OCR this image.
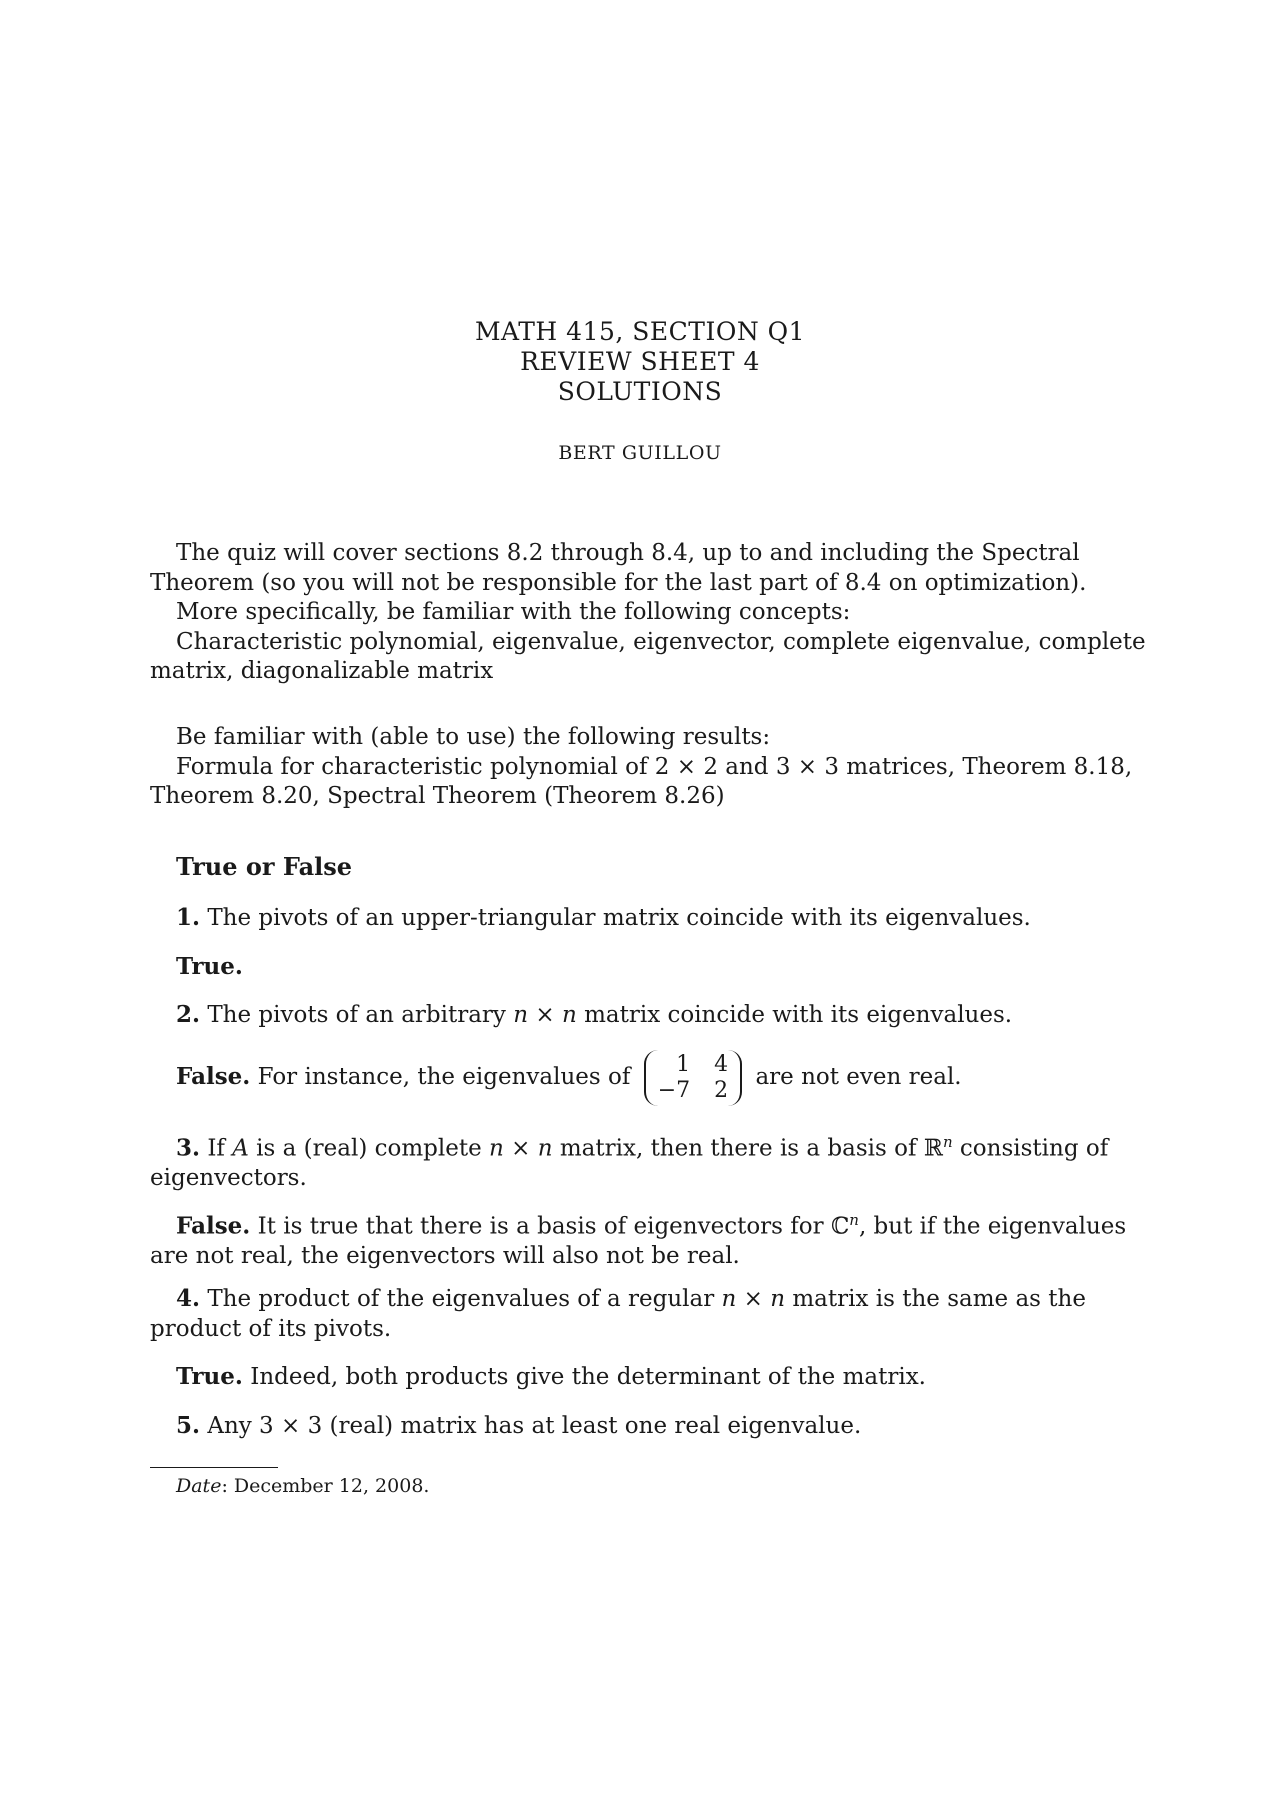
MATH 415, SECTION Q1
REVIEW SHEET 4
SOLUTIONS
BERT GUILLOU

The quiz will cover sections 8.2 through 8.4, up to and including the Spectral Theorem (so you will not be responsible for the last part of 8.4 on optimization).

More specifically, be familiar with the following concepts:

Characteristic polynomial, eigenvalue, eigenvector, complete eigenvalue, complete matrix, diagonalizable matrix

Be familiar with (able to use) the following results:

Formula for characteristic polynomial of 2 × 2 and 3 × 3 matrices, Theorem 8.18, Theorem 8.20, Spectral Theorem (Theorem 8.26)

True or False

1. The pivots of an upper-triangular matrix coincide with its eigenvalues.

True.

2. The pivots of an arbitrary n × n matrix coincide with its eigenvalues.

False. For instance, the eigenvalues of	1 4
−7 2
are not even real.

3. If A is a (real) complete n × n matrix, then there is a basis of ℝ$^n$ consisting of eigenvectors.

False. It is true that there is a basis of eigenvectors for ℂ$^n$, but if the eigenvalues are not real, the eigenvectors will also not be real.

4. The product of the eigenvalues of a regular n × n matrix is the same as the product of its pivots.

True. Indeed, both products give the determinant of the matrix.

5. Any 3 × 3 (real) matrix has at least one real eigenvalue.

Date: December 12, 2008.
